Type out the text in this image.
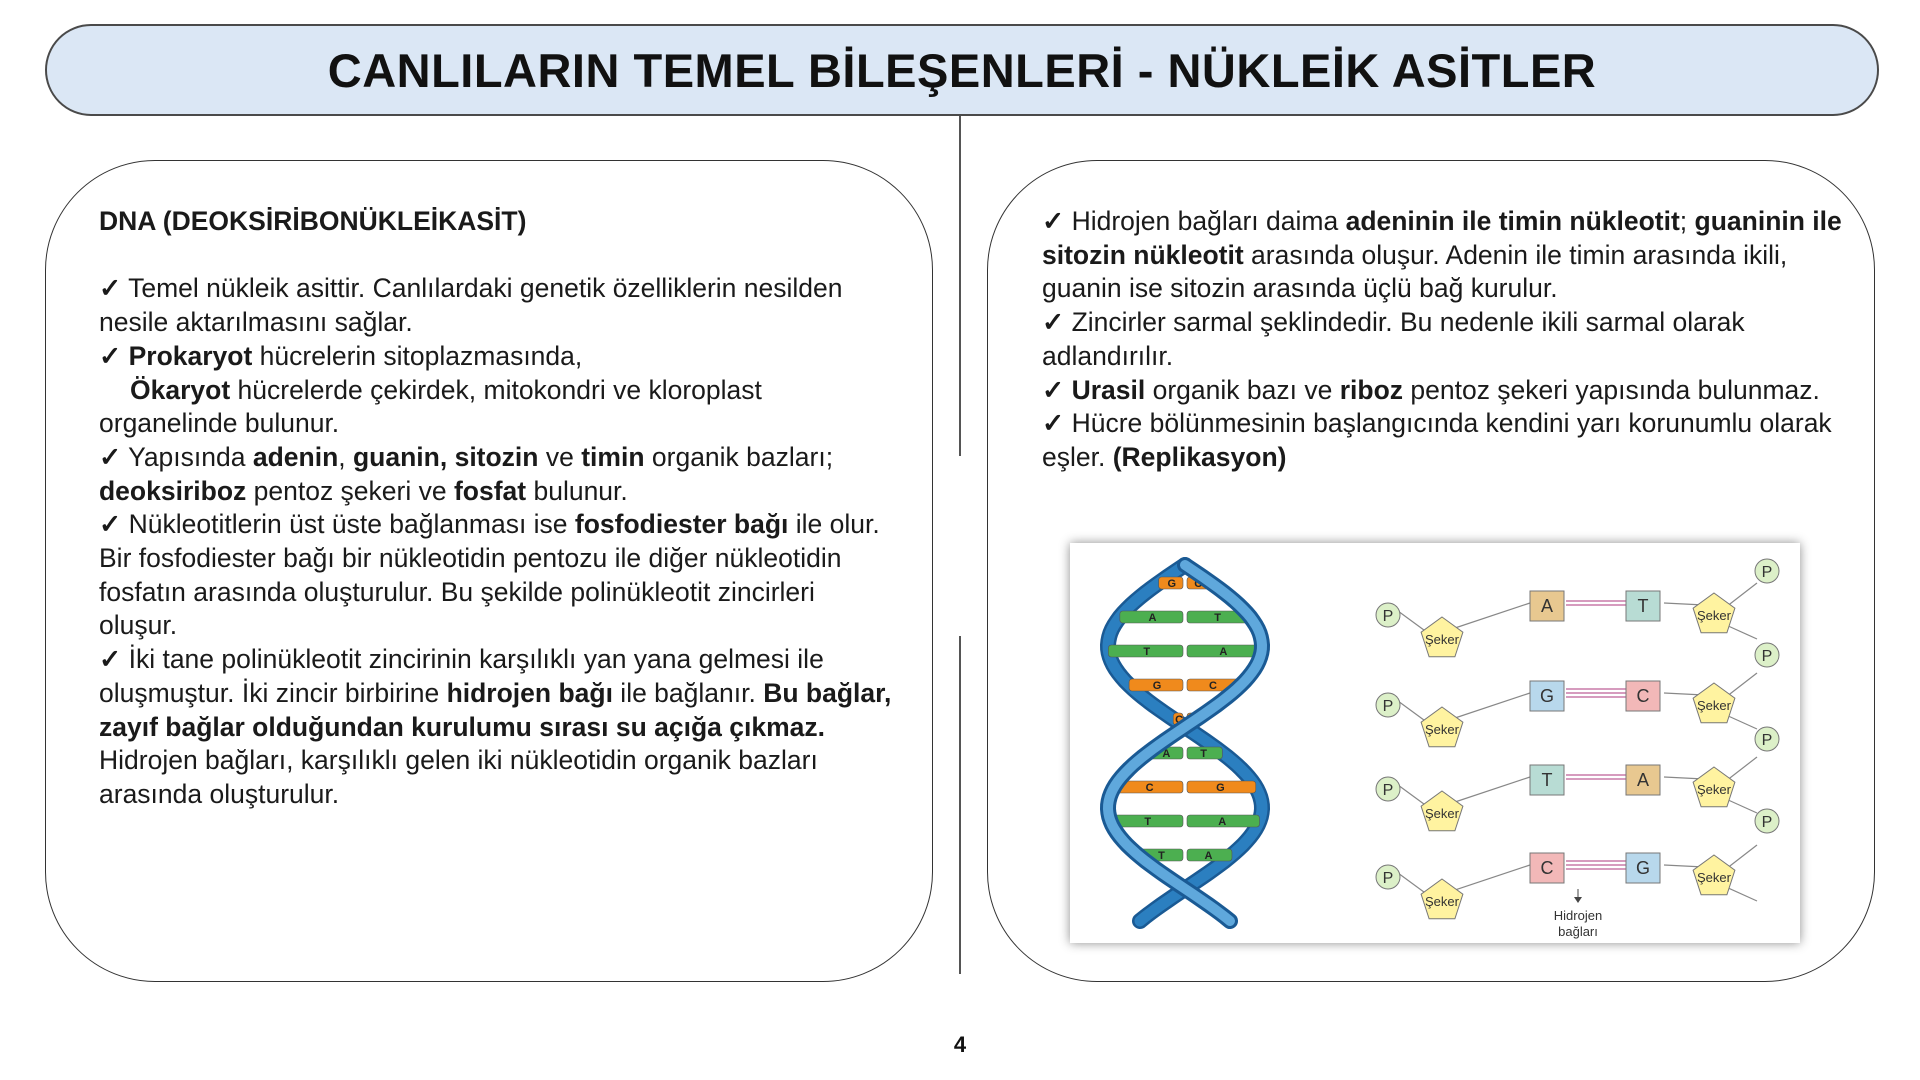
CANLILARIN TEMEL BİLEŞENLERİ - NÜKLEİK ASİTLER
DNA (DEOKSİRİBONÜKLEİKASİT)

✓ Temel nükleik asittir. Canlılardaki genetik özelliklerin nesilden nesile aktarılmasını sağlar.

✓ Prokaryot hücrelerin sitoplazmasında,
Ökaryot hücrelerde çekirdek, mitokondri ve kloroplast organelinde bulunur.

✓ Yapısında adenin, guanin, sitozin ve timin organik bazları; deoksiriboz pentoz şekeri ve fosfat bulunur.

✓ Nükleotitlerin üst üste bağlanması ise fosfodiester bağı ile olur. Bir fosfodiester bağı bir nükleotidin pentozu ile diğer nükleotidin fosfatın arasında oluşturulur. Bu şekilde polinükleotit zincirleri oluşur.

✓ İki tane polinükleotit zincirinin karşılıklı yan yana gelmesi ile oluşmuştur. İki zincir birbirine hidrojen bağı ile bağlanır. Bu bağlar, zayıf bağlar olduğundan kurulumu sırası su açığa çıkmaz. Hidrojen bağları, karşılıklı gelen iki nükleotidin organik bazları arasında oluşturulur.

✓ Hidrojen bağları daima adeninin ile timin nükleotit; guaninin ile sitozin nükleotit arasında oluşur. Adenin ile timin arasında ikili, guanin ise sitozin arasında üçlü bağ kurulur.

✓ Zincirler sarmal şeklindedir. Bu nedenle ikili sarmal olarak adlandırılır.

✓ Urasil organik bazı ve riboz pentoz şekeri yapısında bulunmaz.

✓ Hücre bölünmesinin başlangıcında kendini yarı korunumlu olarak eşler. (Replikasyon)

G C
A	T
T	A
G	C
C G
A	T
C	G
T	A
T	A
A	T
Şeker
Şeker
P
G	C
Şeker
Şeker
P
T	A
Şeker
Şeker
P
C	G
Şeker
Şeker
P
P
P
P
P
Hidrojen
bağları
4
